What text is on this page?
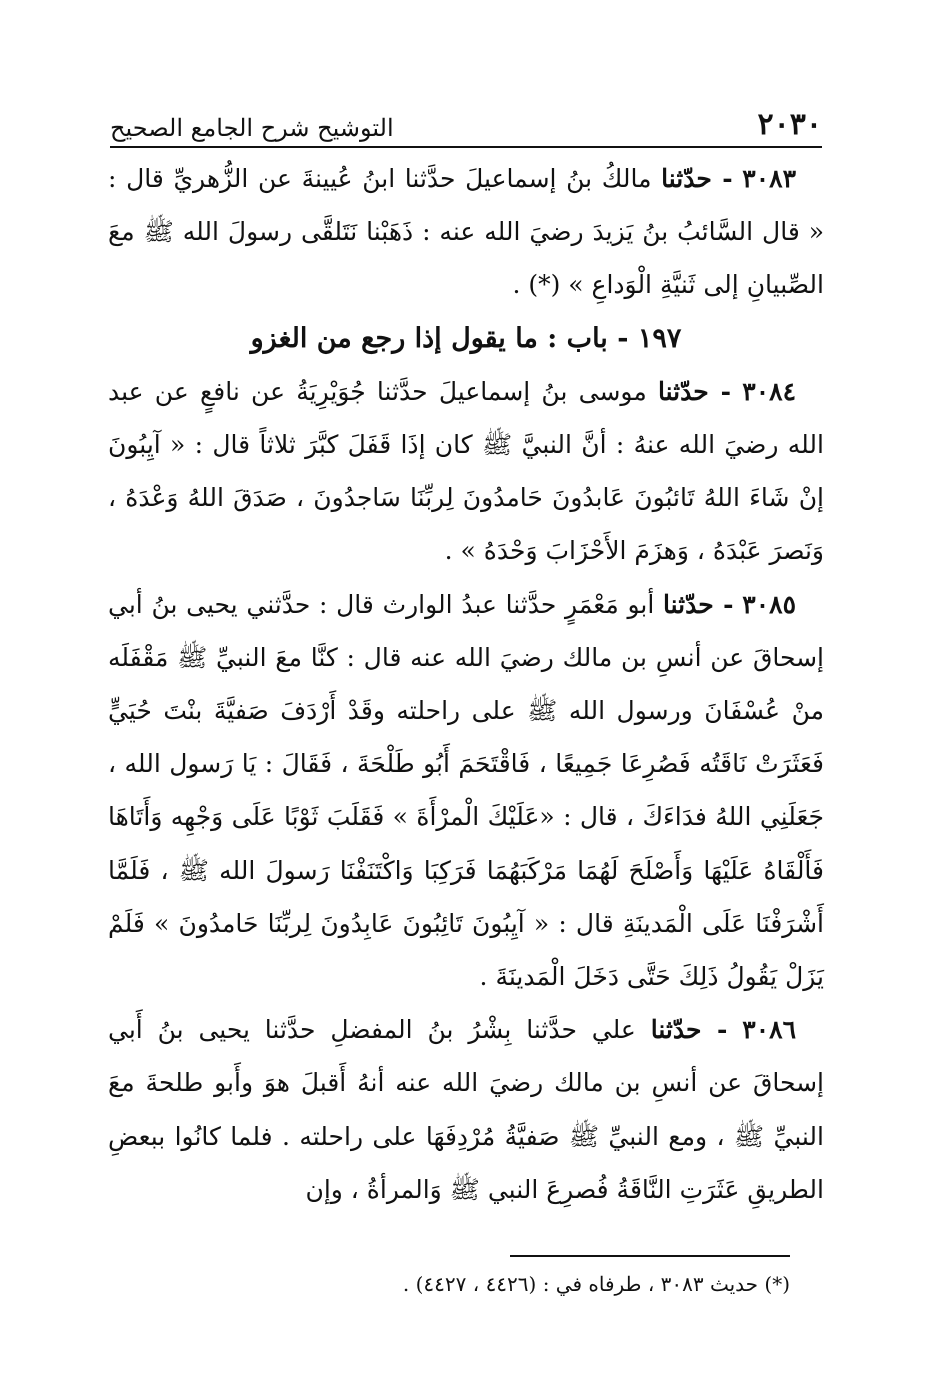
٢٠٣٠
التوشيح شرح الجامع الصحيح

٣٠٨٣ - حدّثنا مالكُ بنُ إسماعيلَ حدَّثنا ابنُ عُيينةَ عن الزُّهريِّ قال : « قال السَّائبُ بنُ يَزيدَ رضيَ الله عنه : ذَهَبْنا نَتَلقَّى رسولَ الله ﷺ معَ الصِّبيانِ إلى ثَنيَّةِ الْوَداعِ » (*) .

١٩٧ - باب : ما يقول إذا رجع من الغزو

٣٠٨٤ - حدّثنا موسى بنُ إسماعيلَ حدَّثنا جُوَيْرِيَةُ عن نافعٍ عن عبد الله رضيَ الله عنهُ : أنَّ النبيَّ ﷺ كان إذَا قَفَلَ كبَّرَ ثلاثاً قال : « آيِبُونَ إنْ شَاءَ اللهُ تَائبُونَ عَابدُونَ حَامدُونَ لِربِّنَا سَاجدُونَ ، صَدَقَ اللهُ وَعْدَهُ ، وَنَصرَ عَبْدَهُ ، وَهزَمَ الأَحْزَابَ وَحْدَهُ » .

٣٠٨٥ - حدّثنا أبو مَعْمَرٍ حدَّثنا عبدُ الوارث قال : حدَّثني يحيى بنُ أبي إسحاقَ عن أنسِ بن مالك رضيَ الله عنه قال : كنَّا معَ النبيِّ ﷺ مَقْفَلَه منْ عُسْفَانَ ورسول الله ﷺ على راحلته وقَدْ أَرْدَفَ صَفيَّةَ بنْتَ حُيَيٍّ فَعَثَرَتْ نَاقَتُه فَصُرِعَا جَمِيعًا ، فَاقْتَحَمَ أَبُو طَلْحَةَ ، فَقَالَ : يَا رَسول الله ، جَعَلَنِي اللهُ فدَاءَكَ ، قال : «عَلَيْكَ الْمرْأَةَ » فَقَلَبَ ثَوْبًا عَلَى وَجْهِه وَأَتَاهَا فَأَلْقَاهُ عَلَيْهَا وَأَصْلَحَ لَهُمَا مَرْكَبَهُمَا فَرَكِبَا وَاكْتَنَفْنَا رَسولَ الله ﷺ ، فَلَمَّا أَشْرَفْنَا عَلَى الْمَدينَةِ قال : « آيِبُونَ تَائِبُونَ عَابِدُونَ لِربِّنَا حَامدُونَ » فَلَمْ يَزَلْ يَقُولُ ذَلِكَ حَتَّى دَخَلَ الْمَدينَةَ .

٣٠٨٦ - حدّثنا علي حدَّثنا بِشْرُ بنُ المفضلِ حدَّثنا يحيى بنُ أَبي إسحاقَ عن أنسِ بن مالك رضيَ الله عنه أنهُ أَقبلَ هوَ وأَبو طلحةَ معَ النبيِّ ﷺ ، ومع النبيِّ ﷺ صَفيَّةُ مُرْدِفَهَا على راحلته . فلما كانُوا ببعضِ الطريقِ عَثَرَتِ النَّاقَةُ فُصرِعَ النبي ﷺ وَالمرأةُ ، وإن

(*) حديث ٣٠٨٣ ، طرفاه في : (٤٤٢٦ ، ٤٤٢٧) .
